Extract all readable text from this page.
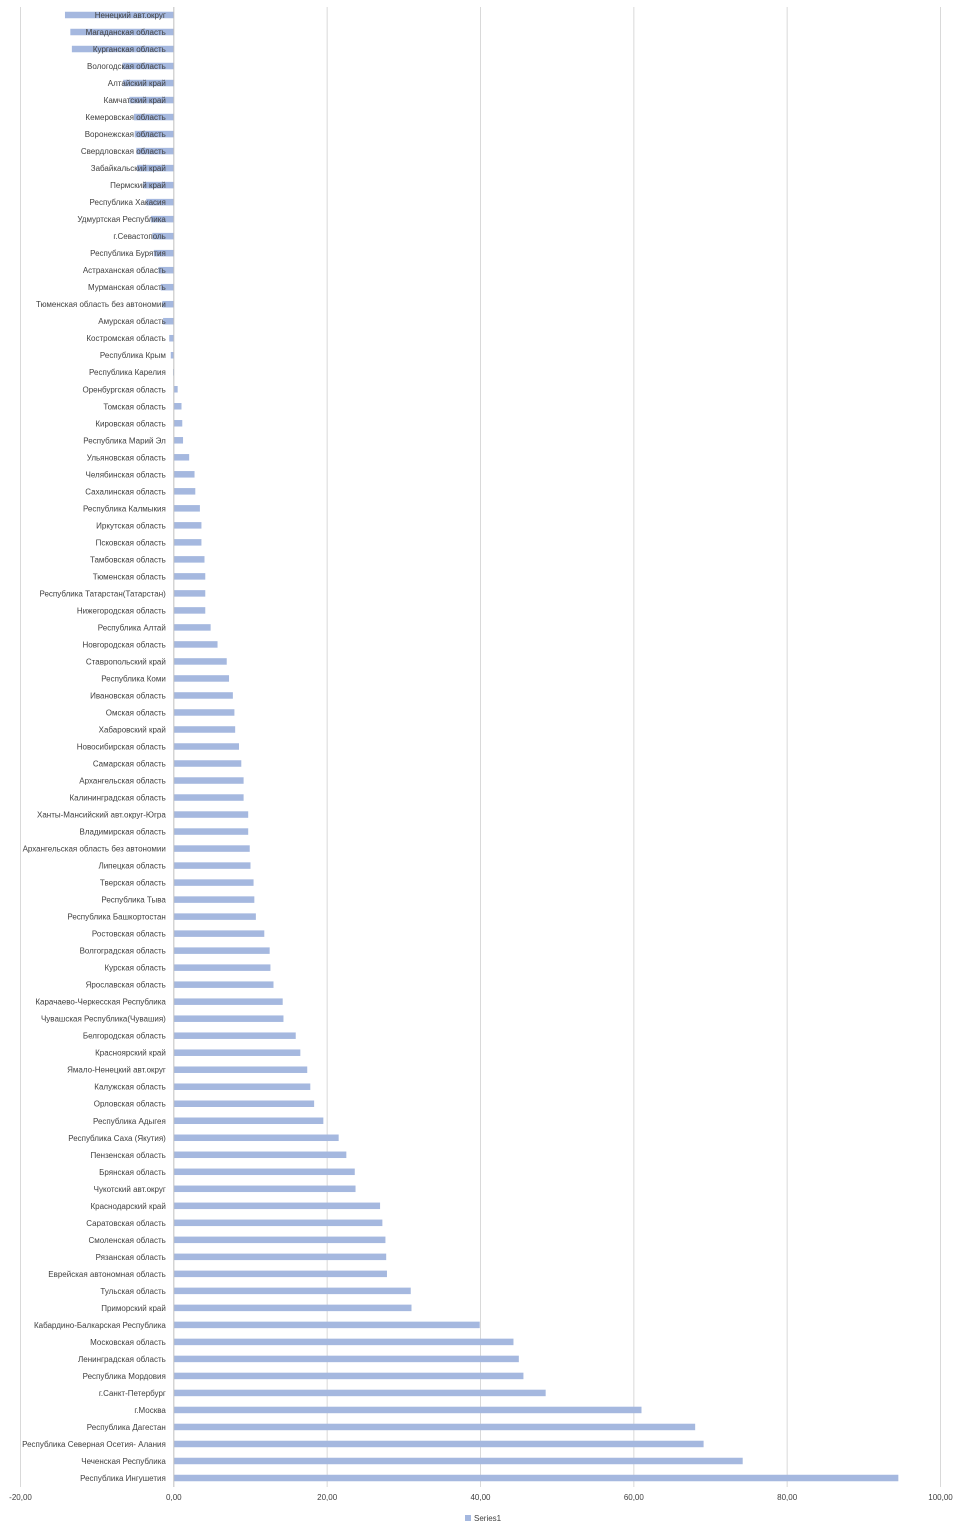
Ненецкий авт.округ
Магаданская область
Курганская область
Вологодская область
Алтайский край
Камчатский край
Кемеровская область
Воронежская область
Свердловская область
Забайкальский край
Пермский край
Республика Хакасия
Удмуртская Республика
г.Севастополь
Республика Бурятия
Астраханская область
Мурманская область
Тюменская область без автономии
Амурская область
Костромская область
Республика Крым
Республика Карелия
Оренбургская область
Томская область
Кировская область
Республика Марий Эл
Ульяновская область
Челябинская область
Сахалинская область
Республика Калмыкия
Иркутская область
Псковская область
Тамбовская область
Тюменская область
Республика Татарстан(Татарстан)
Нижегородская область
Республика Алтай
Новгородская область
Ставропольский край
Республика Коми
Ивановская область
Омская область
Хабаровский край
Новосибирская область
Самарская область
Архангельская область
Калининградская область
Ханты-Мансийский авт.округ-Югра
Владимирская область
Архангельская область без автономии
Липецкая область
Тверская область
Республика Тыва
Республика Башкортостан
Ростовская область
Волгоградская область
Курская область
Ярославская область
Карачаево-Черкесская Республика
Чувашская Республика(Чувашия)
Белгородская область
Красноярский край
Ямало-Ненецкий авт.округ
Калужская область
Орловская область
Республика Адыгея
Республика Саха (Якутия)
Пензенская область
Брянская область
Чукотский авт.округ
Краснодарский край
Саратовская область
Смоленская область
Рязанская область
Еврейская автономная область
Тульская область
Приморский край
Кабардино-Балкарская Республика
Московская область
Ленинградская область
Республика Мордовия
г.Санкт-Петербург
г.Москва
Республика Дагестан
Республика Северная Осетия- Алания
Чеченская Республика
Республика Ингушетия
-20,00	0,00	20,00	40,00	60,00	80,00	100,00
Series1
